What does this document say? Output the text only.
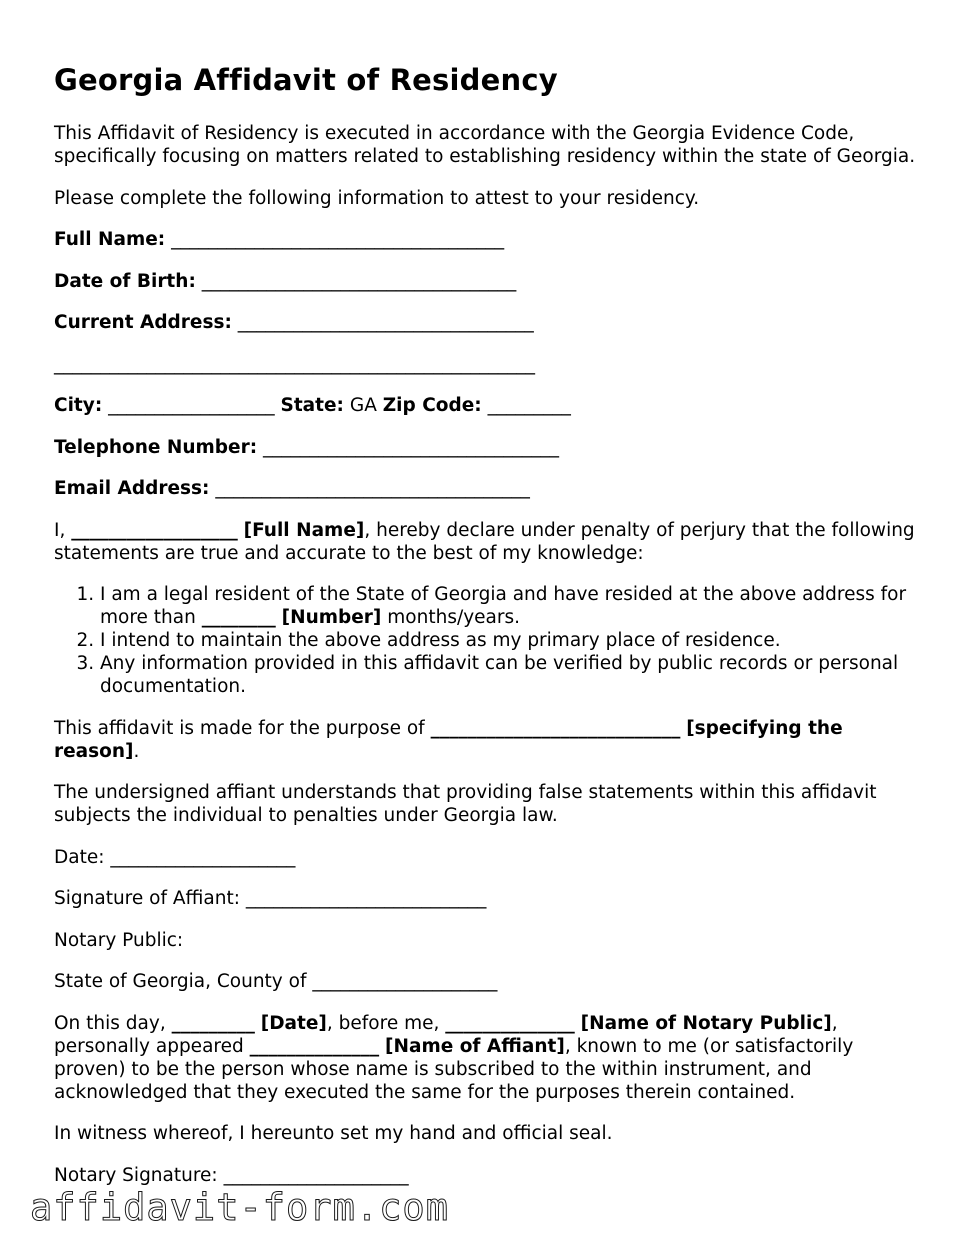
Georgia Affidavit of Residency

This Affidavit of Residency is executed in accordance with the Georgia Evidence Code, specifically focusing on matters related to establishing residency within the state of Georgia.

Please complete the following information to attest to your residency.

Full Name: ____________________________________

Date of Birth: __________________________________

Current Address: ________________________________

____________________________________________________

City: __________________ State: GA Zip Code: _________

Telephone Number: ________________________________

Email Address: __________________________________

I, __________________ [Full Name], hereby declare under penalty of perjury that the following statements are true and accurate to the best of my knowledge:

1. I am a legal resident of the State of Georgia and have resided at the above address for more than ________ [Number] months/years.
2. I intend to maintain the above address as my primary place of residence.
3. Any information provided in this affidavit can be verified by public records or personal documentation.

This affidavit is made for the purpose of ___________________________ [specifying the reason].

The undersigned affiant understands that providing false statements within this affidavit subjects the individual to penalties under Georgia law.

Date: ____________________

Signature of Affiant: __________________________

Notary Public:

State of Georgia, County of ____________________

On this day, _________ [Date], before me, ______________ [Name of Notary Public], personally appeared ______________ [Name of Affiant], known to me (or satisfactorily proven) to be the person whose name is subscribed to the within instrument, and acknowledged that they executed the same for the purposes therein contained.

In witness whereof, I hereunto set my hand and official seal.

Notary Signature: ____________________

affidavit-form.com
